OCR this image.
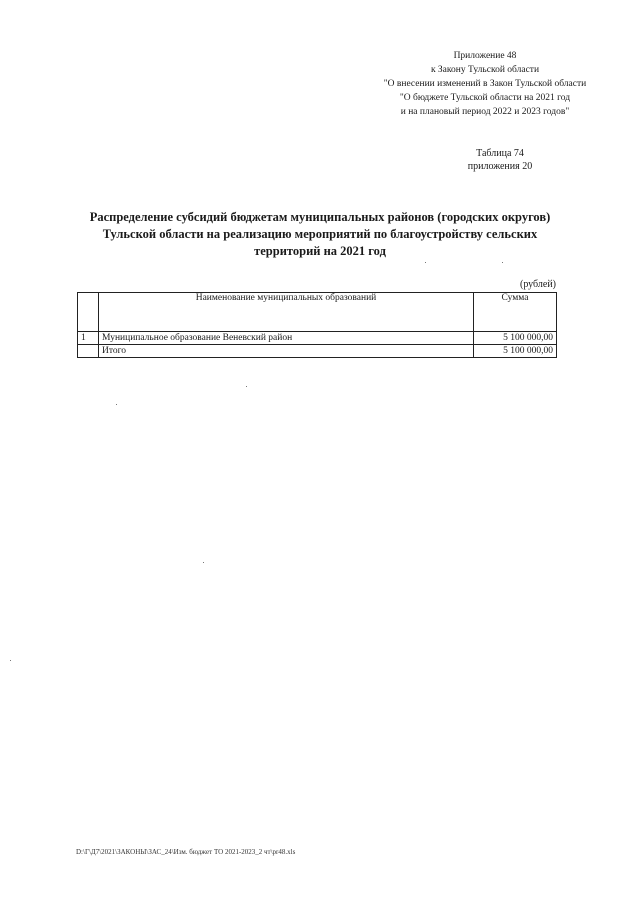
Приложение 48
к Закону Тульской области
"О внесении изменений в Закон Тульской области
"О бюджете Тульской области на 2021 год
и на плановый период 2022 и 2023 годов"
Таблица 74
приложения 20
Распределение субсидий бюджетам муниципальных районов (городских округов)
Тульской области на реализацию мероприятий по благоустройству сельских
территорий на 2021 год
(рублей)
	Наименование муниципальных образований	Сумма
1	Муниципальное образование Веневский район	5 100 000,00
	Итого	5 100 000,00
D:\Г\Д7\2021\ЗАКОНЫ\ЗАС_24\Изм. бюджет ТО 2021-2023_2 чт\pr48.xls
